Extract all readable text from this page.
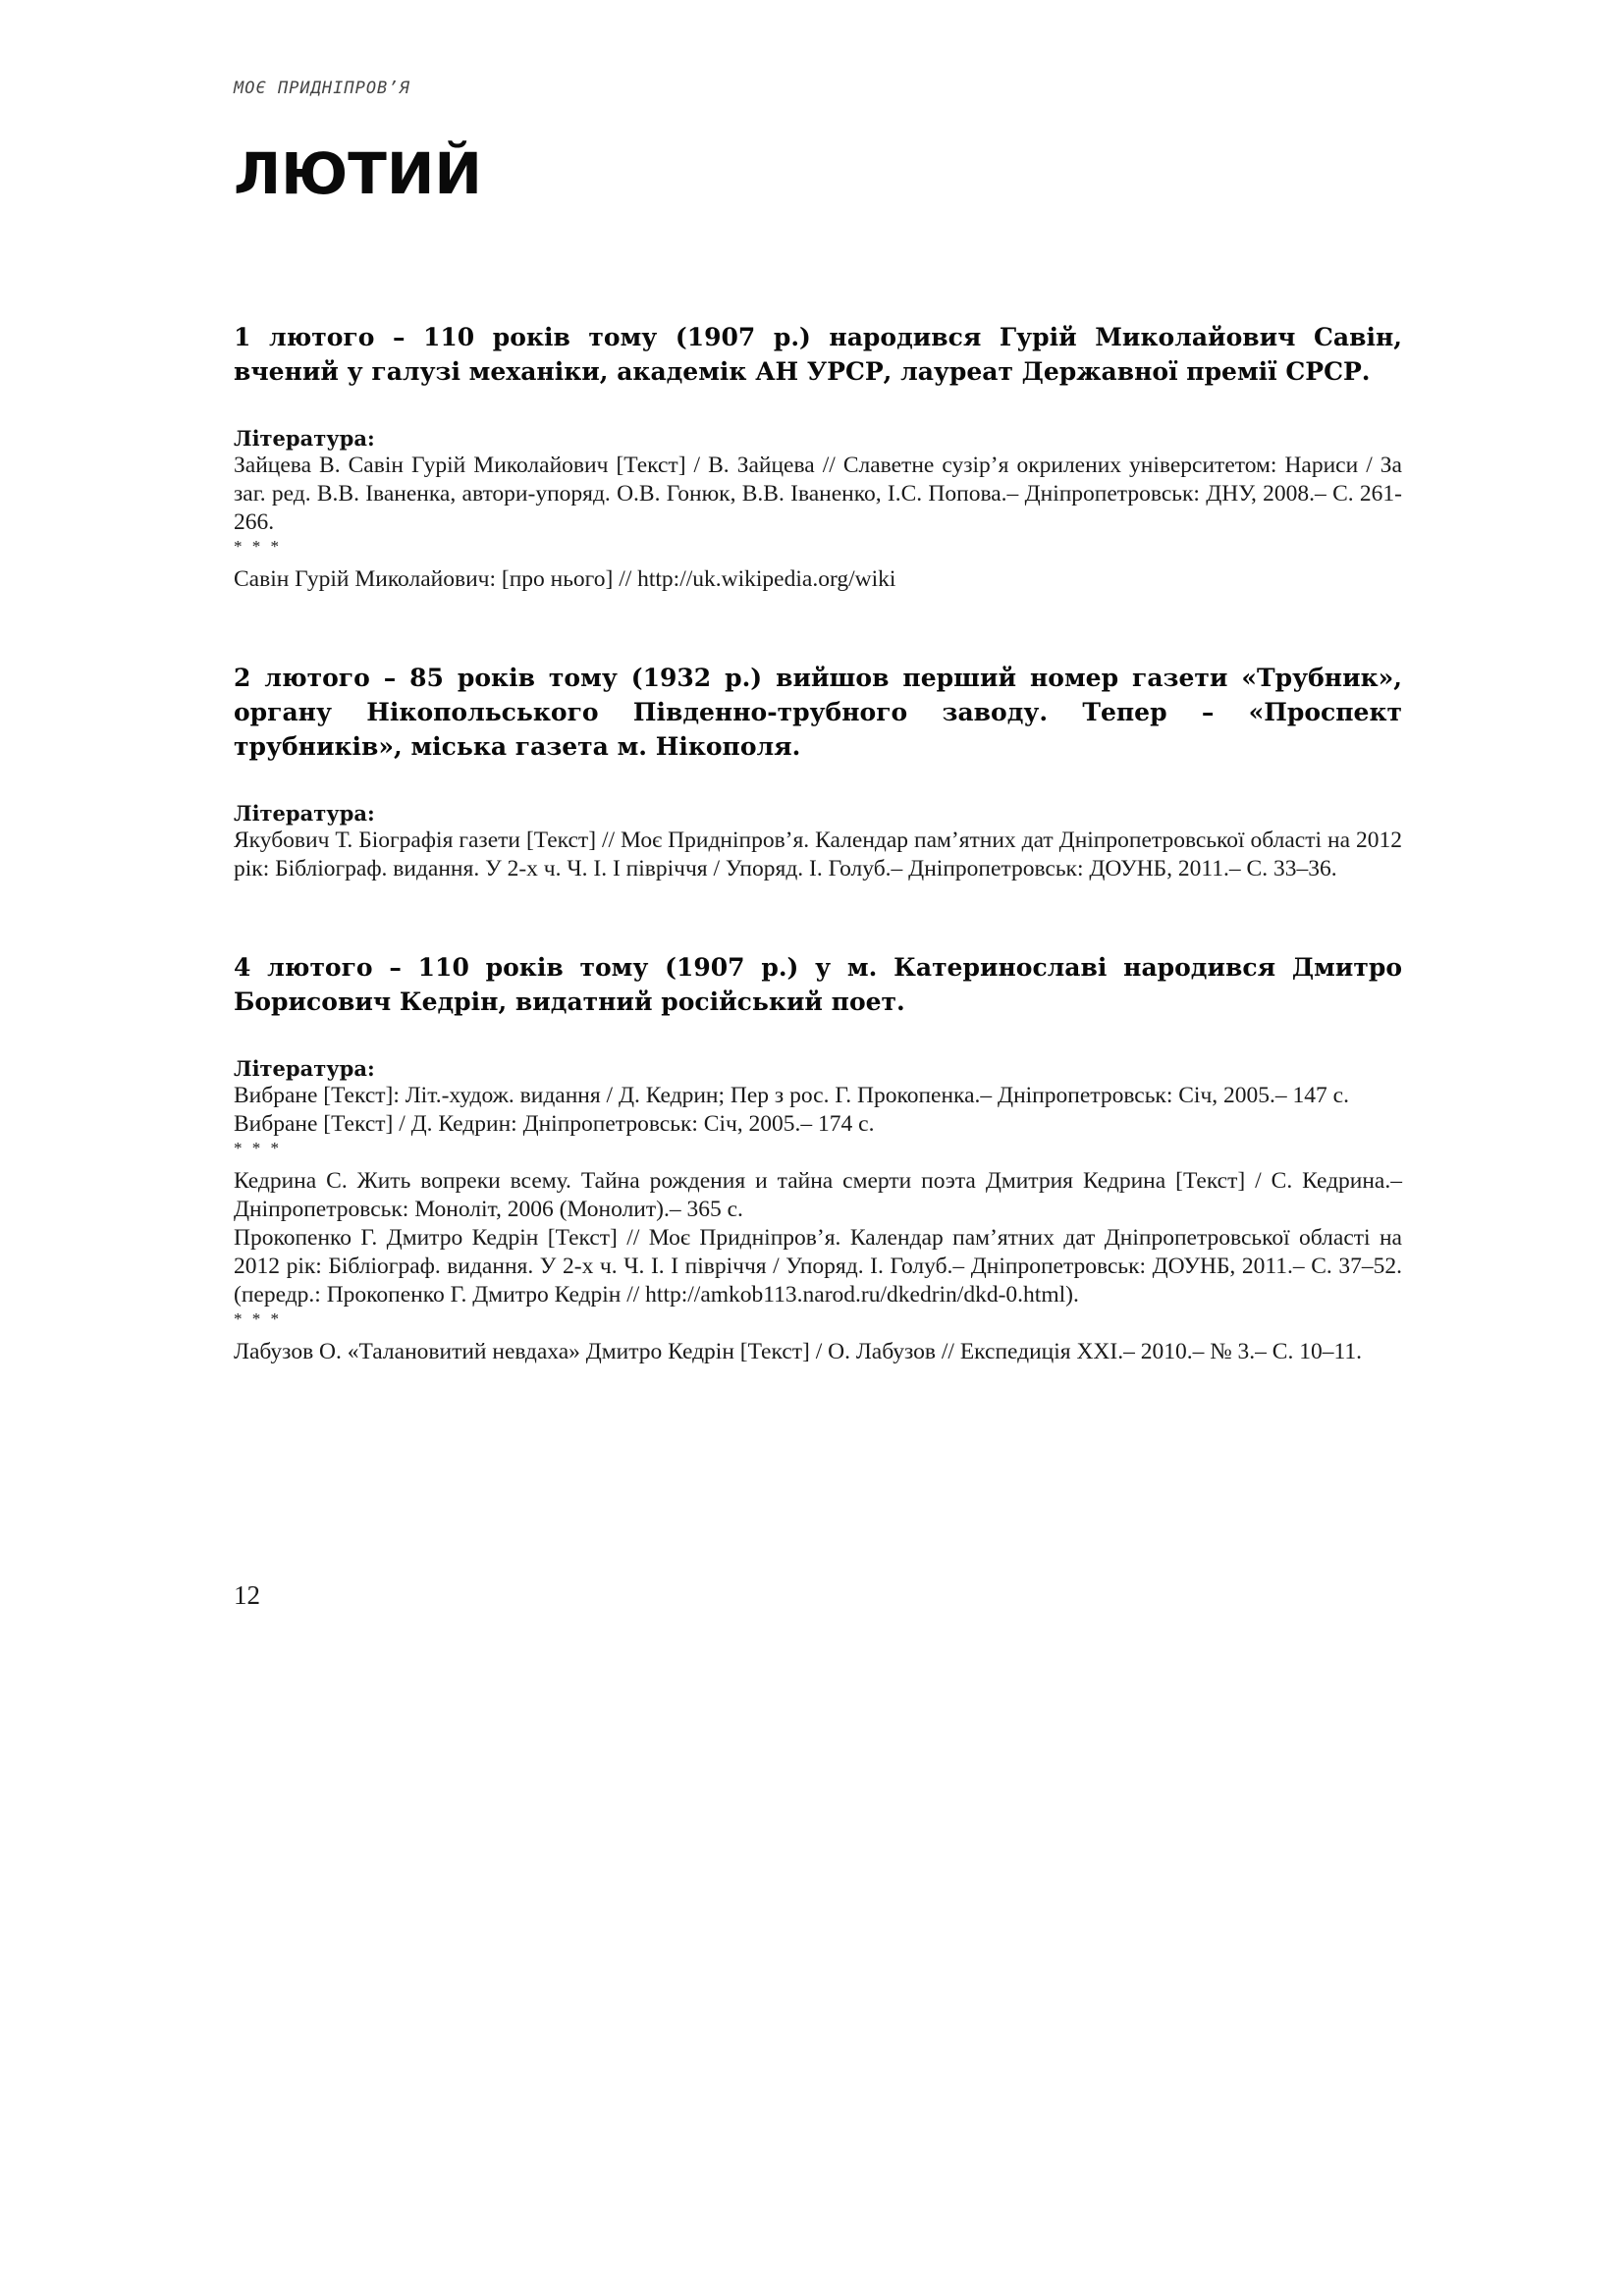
МОЄ ПРИДНІПРОВ’Я
ЛЮТИЙ

1 лютого – 110 років тому (1907 р.) народився Гурій Миколайович Савін, вчений у галузі механіки, академік АН УРСР, лауреат Державної премії СРСР.

Література:
Зайцева В. Савін Гурій Миколайович [Текст] / В. Зайцева // Славетне сузір’я окрилених університетом: Нариси / За заг. ред. В.В. Іваненка, автори-упоряд. О.В. Гонюк, В.В. Іваненко, І.С. Попова.– Дніпропетровськ: ДНУ, 2008.– С. 261-266.
* * *
Савін Гурій Миколайович: [про нього] // http://uk.wikipedia.org/wiki

2 лютого – 85 років тому (1932 р.) вийшов перший номер газети «Трубник», органу Нікопольського Південно-трубного заводу. Тепер – «Проспект трубників», міська газета м. Нікополя.

Література:
Якубович Т. Біографія газети [Текст] // Моє Придніпров’я. Календар пам’ятних дат Дніпропетровської області на 2012 рік: Бібліограф. видання. У 2-х ч. Ч. І. І півріччя / Упоряд. І. Голуб.– Дніпропетровськ: ДОУНБ, 2011.– С. 33–36.

4 лютого – 110 років тому (1907 р.) у м. Катеринославі народився Дмитро Борисович Кедрін, видатний російський поет.

Література:
Вибране [Текст]: Літ.-худож. видання / Д. Кедрин; Пер з рос. Г. Прокопенка.– Дніпропетровськ: Січ, 2005.– 147 с.
Вибране [Текст] / Д. Кедрин: Дніпропетровськ: Січ, 2005.– 174 с.
* * *
Кедрина С. Жить вопреки всему. Тайна рождения и тайна смерти поэта Дмитрия Кедрина [Текст] / С. Кедрина.– Дніпропетровськ: Моноліт, 2006 (Монолит).– 365 с.
Прокопенко Г. Дмитро Кедрін [Текст] // Моє Придніпров’я. Календар пам’ятних дат Дніпропетровської області на 2012 рік: Бібліограф. видання. У 2-х ч. Ч. І. І півріччя / Упоряд. І. Голуб.– Дніпропетровськ: ДОУНБ, 2011.– С. 37–52. (передр.: Прокопенко Г. Дмитро Кедрін // http://amkob113.narod.ru/dkedrin/dkd-0.html).
* * *
Лабузов О. «Талановитий невдаха» Дмитро Кедрін [Текст] / О. Лабузов // Експедиція XXI.– 2010.– № 3.– С. 10–11.
12
